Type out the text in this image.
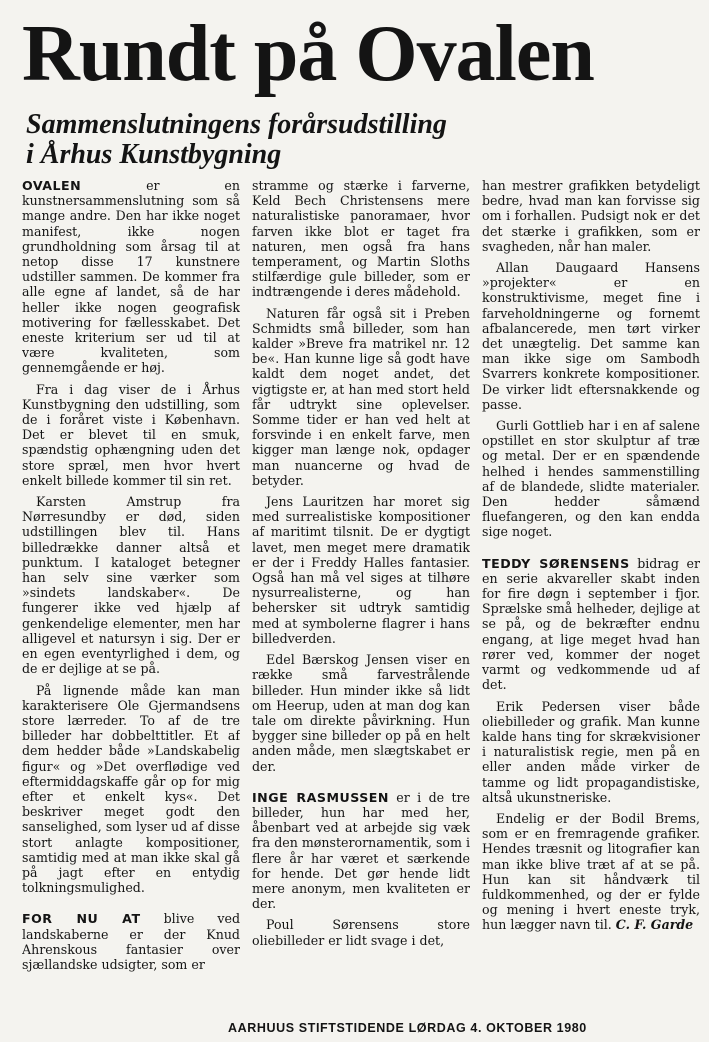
Rundt på Ovalen
Sammenslutningens forårsudstilling
i Århus Kunstbygning

OVALEN er en kunstnersammenslutning som så mange andre. Den har ikke noget manifest, ikke nogen grundholdning som årsag til at netop disse 17 kunstnere udstiller sammen. De kommer fra alle egne af landet, så de har heller ikke nogen geografisk motivering for fællesskabet. Det eneste kriterium ser ud til at være kvaliteten, som gennemgående er høj.

Fra i dag viser de i Århus Kunstbygning den udstilling, som de i foråret viste i København. Det er blevet til en smuk, spændstig ophængning uden det store spræl, men hvor hvert enkelt billede kommer til sin ret.

Karsten Amstrup fra Nørresundby er død, siden udstillingen blev til. Hans billedrække danner altså et punktum. I kataloget betegner han selv sine værker som »sindets landskaber«. De fungerer ikke ved hjælp af genkendelige elementer, men har alligevel et natursyn i sig. Der er en egen eventyrlighed i dem, og de er dejlige at se på.

På lignende måde kan man karakterisere Ole Gjermandsens store lærreder. To af de tre billeder har dobbelttitler. Et af dem hedder både »Landskabelig figur« og »Det overflødige ved eftermiddagskaffe går op for mig efter et enkelt kys«. Det beskriver meget godt den sanselighed, som lyser ud af disse stort anlagte kompositioner, samtidig med at man ikke skal gå på jagt efter en entydig tolkningsmulighed.

FOR NU AT blive ved landskaberne er der Knud Ahrenskous fantasier over sjællandske udsigter, som er

stramme og stærke i farverne, Keld Bech Christensens mere naturalistiske panoramaer, hvor farven ikke blot er taget fra naturen, men også fra hans temperament, og Martin Sloths stilfærdige gule billeder, som er indtrængende i deres mådehold.

Naturen får også sit i Preben Schmidts små billeder, som han kalder »Breve fra matrikel nr. 12 be«. Han kunne lige så godt have kaldt dem noget andet, det vigtigste er, at han med stort held får udtrykt sine oplevelser. Somme tider er han ved helt at forsvinde i en enkelt farve, men kigger man længe nok, opdager man nuancerne og hvad de betyder.

Jens Lauritzen har moret sig med surrealistiske kompositioner af maritimt tilsnit. De er dygtigt lavet, men meget mere dramatik er der i Freddy Halles fantasier. Også han må vel siges at tilhøre nysurrealisterne, og han behersker sit udtryk samtidig med at symbolerne flagrer i hans billedverden.

Edel Bærskog Jensen viser en række små farvestrålende billeder. Hun minder ikke så lidt om Heerup, uden at man dog kan tale om direkte påvirkning. Hun bygger sine billeder op på en helt anden måde, men slægtskabet er der.

INGE RASMUSSEN er i de tre billeder, hun har med her, åbenbart ved at arbejde sig væk fra den mønsterornamentik, som i flere år har været et særkende for hende. Det gør hende lidt mere anonym, men kvaliteten er der.

Poul Sørensens store oliebilleder er lidt svage i det,

han mestrer grafikken betydeligt bedre, hvad man kan forvisse sig om i forhallen. Pudsigt nok er det det stærke i grafikken, som er svagheden, når han maler.

Allan Daugaard Hansens »projekter« er en konstruktivisme, meget fine i farveholdningerne og fornemt afbalancerede, men tørt virker det unægtelig. Det samme kan man ikke sige om Sambodh Svarrers konkrete kompositioner. De virker lidt eftersnakkende og passe.

Gurli Gottlieb har i en af salene opstillet en stor skulptur af træ og metal. Der er en spændende helhed i hendes sammenstilling af de blandede, slidte materialer. Den hedder såmænd fluefangeren, og den kan endda sige noget.

TEDDY SØRENSENS bidrag er en serie akvareller skabt inden for fire døgn i september i fjor. Sprælske små helheder, dejlige at se på, og de bekræfter endnu engang, at lige meget hvad han rører ved, kommer der noget varmt og vedkommende ud af det.

Erik Pedersen viser både oliebilleder og grafik. Man kunne kalde hans ting for skrækvisioner i naturalistisk regie, men på en eller anden måde virker de tamme og lidt propagandistiske, altså ukunstneriske.

Endelig er der Bodil Brems, som er en fremragende grafiker. Hendes træsnit og litografier kan man ikke blive træt af at se på. Hun kan sit håndværk til fuldkommenhed, og der er fylde og mening i hvert eneste tryk, hun lægger navn til. C. F. Garde

AARHUUS STIFTSTIDENDE LØRDAG 4. OKTOBER 1980
